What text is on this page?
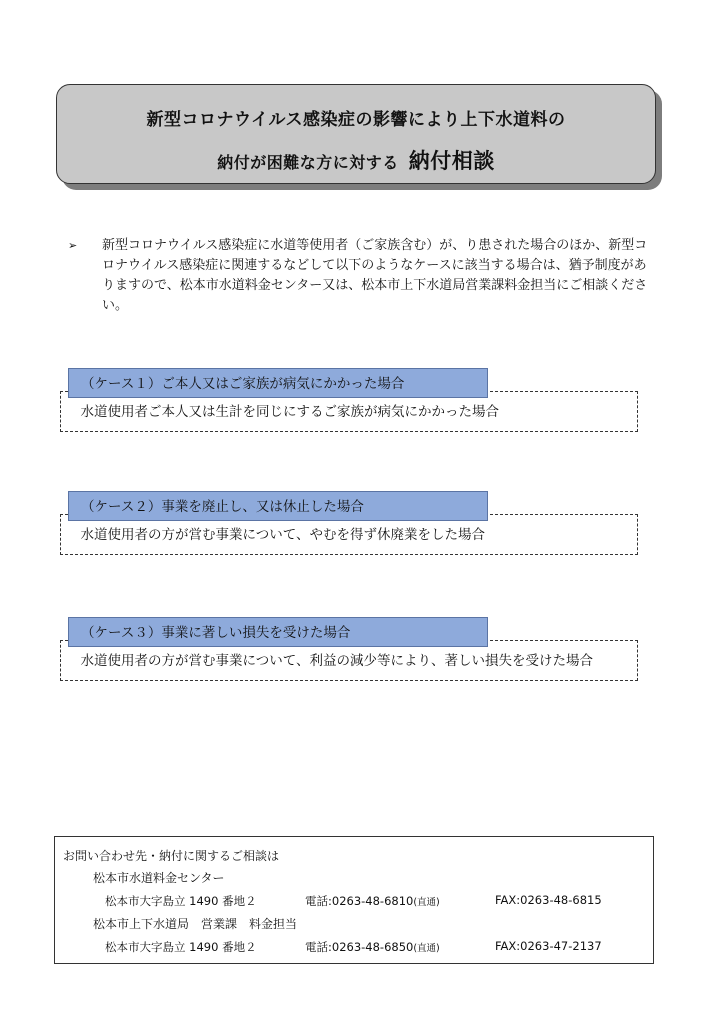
新型コロナウイルス感染症の影響により上下水道料の
納付が困難な方に対する 納付相談
➢ 新型コロナウイルス感染症に水道等使用者（ご家族含む）が、り患された場合のほか、新型コロナウイルス感染症に関連するなどして以下のようなケースに該当する場合は、猶予制度がありますので、松本市水道料金センター又は、松本市上下水道局営業課料金担当にご相談ください。
（ケース１）ご本人又はご家族が病気にかかった場合
水道使用者ご本人又は生計を同じにするご家族が病気にかかった場合
（ケース２）事業を廃止し、又は休止した場合
水道使用者の方が営む事業について、やむを得ず休廃業をした場合
（ケース３）事業に著しい損失を受けた場合
水道使用者の方が営む事業について、利益の減少等により、著しい損失を受けた場合
お問い合わせ先・納付に関するご相談は
松本市水道料金センター
松本市大字島立 1490 番地２	電話:0263-48-6810(直通)	FAX:0263-48-6815
松本市上下水道局　営業課　料金担当
松本市大字島立 1490 番地２	電話:0263-48-6850(直通)	FAX:0263-47-2137
